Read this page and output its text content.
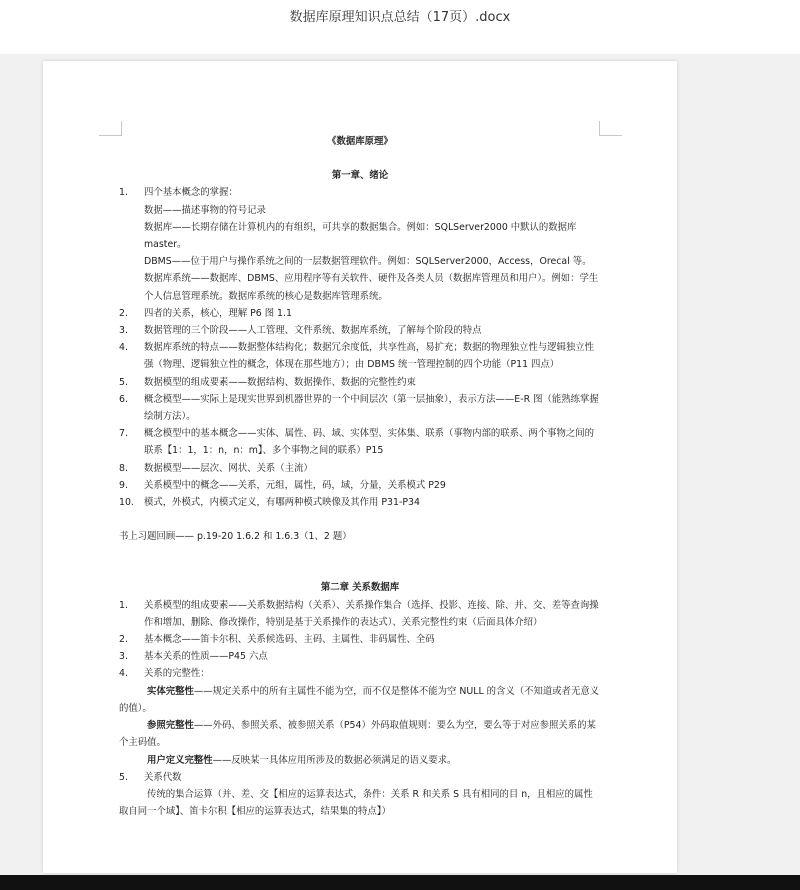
数据库原理知识点总结（17页）.docx

《数据库原理》

第一章、绪论

1. 四个基本概念的掌握：

数据——描述事物的符号记录

数据库——长期存储在计算机内的有组织，可共享的数据集合。例如：SQLServer2000 中默认的数据库 master。

DBMS——位于用户与操作系统之间的一层数据管理软件。例如：SQLServer2000，Access，Orecal 等。

数据库系统——数据库、DBMS、应用程序等有关软件、硬件及各类人员（数据库管理员和用户）。例如：学生个人信息管理系统。数据库系统的核心是数据库管理系统。

2. 四者的关系，核心，理解 P6 图 1.1

3. 数据管理的三个阶段——人工管理、文件系统、数据库系统，了解每个阶段的特点

4. 数据库系统的特点——数据整体结构化；数据冗余度低，共享性高，易扩充；数据的物理独立性与逻辑独立性强（物理、逻辑独立性的概念，体现在那些地方）；由 DBMS 统一管理控制的四个功能（P11 四点）

5. 数据模型的组成要素——数据结构、数据操作、数据的完整性约束

6. 概念模型——实际上是现实世界到机器世界的一个中间层次（第一层抽象），表示方法——E-R 图（能熟练掌握绘制方法）。

7. 概念模型中的基本概念——实体、属性、码、域、实体型、实体集、联系（事物内部的联系、两个事物之间的联系【1：1，1：n，n：m】、多个事物之间的联系）P15

8. 数据模型——层次、网状、关系（主流）

9. 关系模型中的概念——关系，元组，属性，码，域，分量，关系模式 P29

10. 模式，外模式，内模式定义，有哪两种模式映像及其作用 P31-P34

书上习题回顾—— p.19-20 1.6.2 和 1.6.3（1、2 题）

第二章 关系数据库

1. 关系模型的组成要素——关系数据结构（关系）、关系操作集合（选择、投影、连接、除、并、交、差等查询操作和增加、删除、修改操作，特别是基于关系操作的表达式）、关系完整性约束（后面具体介绍）

2. 基本概念——笛卡尔积、关系候选码、主码、主属性、非码属性、全码

3. 基本关系的性质——P45 六点

4. 关系的完整性：

实体完整性——规定关系中的所有主属性不能为空，而不仅是整体不能为空 NULL 的含义（不知道或者无意义的值）。

参照完整性——外码、参照关系、被参照关系（P54）外码取值规则：要么为空，要么等于对应参照关系的某个主码值。

用户定义完整性——反映某一具体应用所涉及的数据必须满足的语义要求。

5. 关系代数

传统的集合运算（并、差、交【相应的运算表达式，条件：关系 R 和关系 S 具有相同的目 n，且相应的属性取自同一个域】、笛卡尔积【相应的运算表达式，结果集的特点】）
